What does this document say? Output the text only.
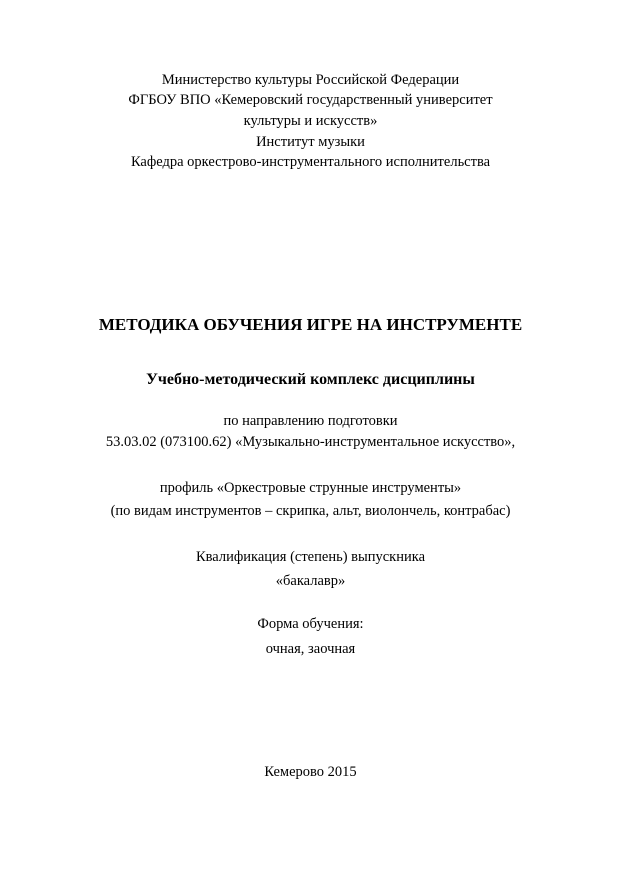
Министерство культуры Российской Федерации
ФГБОУ ВПО «Кемеровский государственный университет
культуры и искусств»
Институт музыки
Кафедра оркестрово-инструментального исполнительства
МЕТОДИКА ОБУЧЕНИЯ ИГРЕ НА ИНСТРУМЕНТЕ
Учебно-методический комплекс дисциплины
по направлению подготовки
53.03.02 (073100.62) «Музыкально-инструментальное искусство»,
профиль «Оркестровые струнные инструменты»
(по видам инструментов – скрипка, альт, виолончель, контрабас)
Квалификация (степень) выпускника
«бакалавр»
Форма обучения:
очная, заочная
Кемерово 2015
